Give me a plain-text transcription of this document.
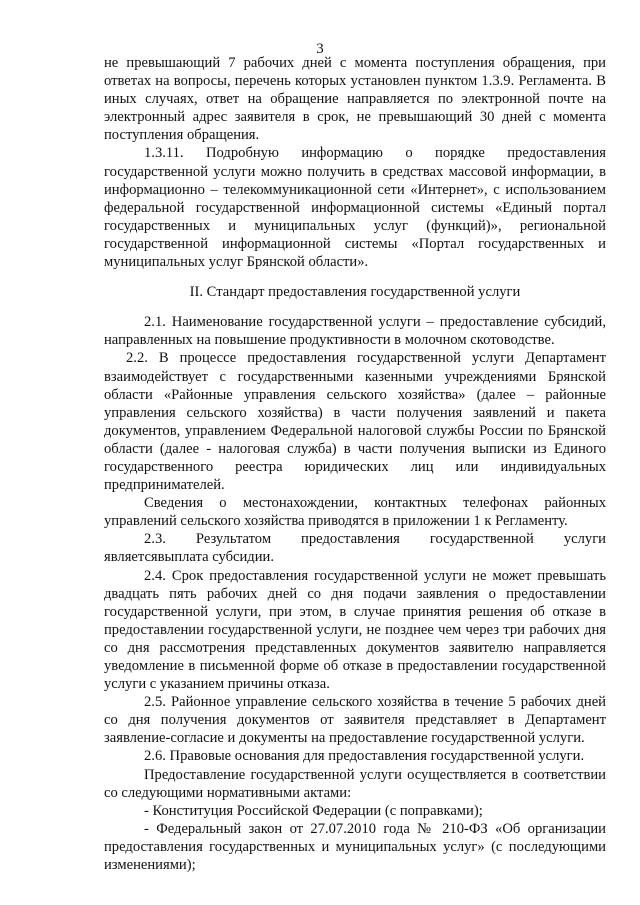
3

не превышающий 7 рабочих дней с момента поступления обращения, при ответах на вопросы, перечень которых установлен пунктом 1.3.9. Регламента. В иных случаях, ответ на обращение направляется по электронной почте на электронный адрес заявителя в срок, не превышающий 30 дней с момента поступления обращения.

1.3.11. Подробную информацию о порядке предоставления государственной услуги можно получить в средствах массовой информации, в информационно – телекоммуникационной сети «Интернет», с использованием федеральной государственной информационной системы «Единый портал государственных и муниципальных услуг (функций)», региональной государственной информационной системы «Портал государственных и муниципальных услуг Брянской области».

II. Стандарт предоставления государственной услуги

2.1. Наименование государственной услуги – предоставление субсидий, направленных на повышение продуктивности в молочном скотоводстве.

2.2. В процессе предоставления государственной услуги Департамент взаимодействует с государственными казенными учреждениями Брянской области «Районные управления сельского хозяйства» (далее – районные управления сельского хозяйства) в части получения заявлений и пакета документов, управлением Федеральной налоговой службы России по Брянской области (далее - налоговая служба) в части получения выписки из Единого государственного реестра юридических лиц или индивидуальных предпринимателей.

Сведения о местонахождении, контактных телефонах районных управлений сельского хозяйства приводятся в приложении 1 к Регламенту.

2.3. Результатом предоставления государственной услуги являетсявыплата субсидии.

2.4. Срок предоставления государственной услуги не может превышать двадцать пять рабочих дней со дня подачи заявления о предоставлении государственной услуги, при этом, в случае принятия решения об отказе в предоставлении государственной услуги, не позднее чем через три рабочих дня со дня рассмотрения представленных документов заявителю направляется уведомление в письменной форме об отказе в предоставлении государственной услуги с указанием причины отказа.

2.5. Районное управление сельского хозяйства в течение 5 рабочих дней со дня получения документов от заявителя представляет в Департамент заявление-согласие и документы на предоставление государственной услуги.

2.6. Правовые основания для предоставления государственной услуги.

Предоставление государственной услуги осуществляется в соответствии со следующими нормативными актами:

- Конституция Российской Федерации (с поправками);

- Федеральный закон от 27.07.2010 года № 210-ФЗ «Об организации предоставления государственных и муниципальных услуг» (с последующими изменениями);
